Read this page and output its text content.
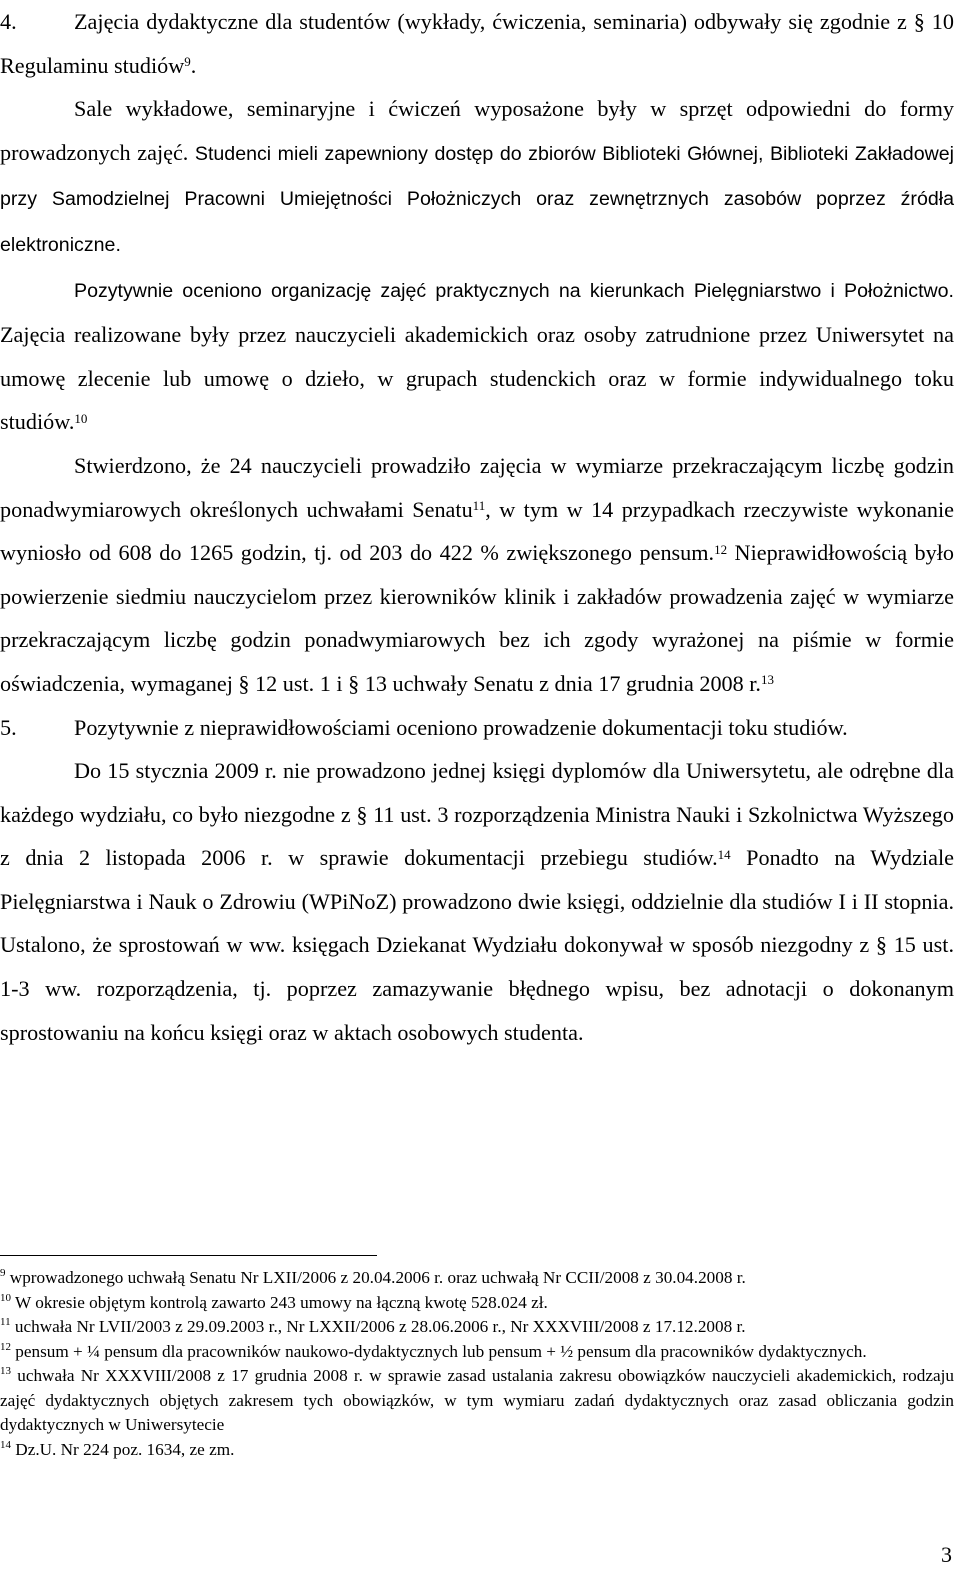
4.	Zajęcia dydaktyczne dla studentów (wykłady, ćwiczenia, seminaria) odbywały się zgodnie z § 10 Regulaminu studiów$^9$.

Sale wykładowe, seminaryjne i ćwiczeń wyposażone były w sprzęt odpowiedni do formy prowadzonych zajęć. Studenci mieli zapewniony dostęp do zbiorów Biblioteki Głównej, Biblioteki Zakładowej przy Samodzielnej Pracowni Umiejętności Położniczych oraz zewnętrznych zasobów poprzez źródła elektroniczne.

Pozytywnie oceniono organizację zajęć praktycznych na kierunkach Pielęgniarstwo i Położnictwo. Zajęcia realizowane były przez nauczycieli akademickich oraz osoby zatrudnione przez Uniwersytet na umowę zlecenie lub umowę o dzieło, w grupach studenckich oraz w formie indywidualnego toku studiów.$^{10}$

Stwierdzono, że 24 nauczycieli prowadziło zajęcia w wymiarze przekraczającym liczbę godzin ponadwymiarowych określonych uchwałami Senatu$^{11}$, w tym w 14 przypadkach rzeczywiste wykonanie wyniosło od 608 do 1265 godzin, tj. od 203 do 422 % zwiększonego pensum.$^{12}$ Nieprawidłowością było powierzenie siedmiu nauczycielom przez kierowników klinik i zakładów prowadzenia zajęć w wymiarze przekraczającym liczbę godzin ponadwymiarowych bez ich zgody wyrażonej na piśmie w formie oświadczenia, wymaganej § 12 ust. 1 i § 13 uchwały Senatu z dnia 17 grudnia 2008 r.$^{13}$

5.	Pozytywnie z nieprawidłowościami oceniono prowadzenie dokumentacji toku studiów.

Do 15 stycznia 2009 r. nie prowadzono jednej księgi dyplomów dla Uniwersytetu, ale odrębne dla każdego wydziału, co było niezgodne z § 11 ust. 3 rozporządzenia Ministra Nauki i Szkolnictwa Wyższego z dnia 2 listopada 2006 r. w sprawie dokumentacji przebiegu studiów.$^{14}$ Ponadto na Wydziale Pielęgniarstwa i Nauk o Zdrowiu (WPiNoZ) prowadzono dwie księgi, oddzielnie dla studiów I i II stopnia. Ustalono, że sprostowań w ww. księgach Dziekanat Wydziału dokonywał w sposób niezgodny z § 15 ust. 1-3 ww. rozporządzenia, tj. poprzez zamazywanie błędnego wpisu, bez adnotacji o dokonanym sprostowaniu na końcu księgi oraz w aktach osobowych studenta.

$^9$ wprowadzonego uchwałą Senatu Nr LXII/2006 z 20.04.2006 r. oraz uchwałą Nr CCII/2008 z 30.04.2008 r.

$^{10}$ W okresie objętym kontrolą zawarto 243 umowy na łączną kwotę 528.024 zł.

$^{11}$ uchwała Nr LVII/2003 z 29.09.2003 r., Nr LXXII/2006 z 28.06.2006 r., Nr XXXVIII/2008 z 17.12.2008 r.

$^{12}$ pensum + ¼ pensum dla pracowników naukowo-dydaktycznych lub pensum + ½ pensum dla pracowników dydaktycznych.

$^{13}$ uchwała Nr XXXVIII/2008 z 17 grudnia 2008 r. w sprawie zasad ustalania zakresu obowiązków nauczycieli akademickich, rodzaju zajęć dydaktycznych objętych zakresem tych obowiązków, w tym wymiaru zadań dydaktycznych oraz zasad obliczania godzin dydaktycznych w Uniwersytecie

$^{14}$ Dz.U. Nr 224 poz. 1634, ze zm.

3
